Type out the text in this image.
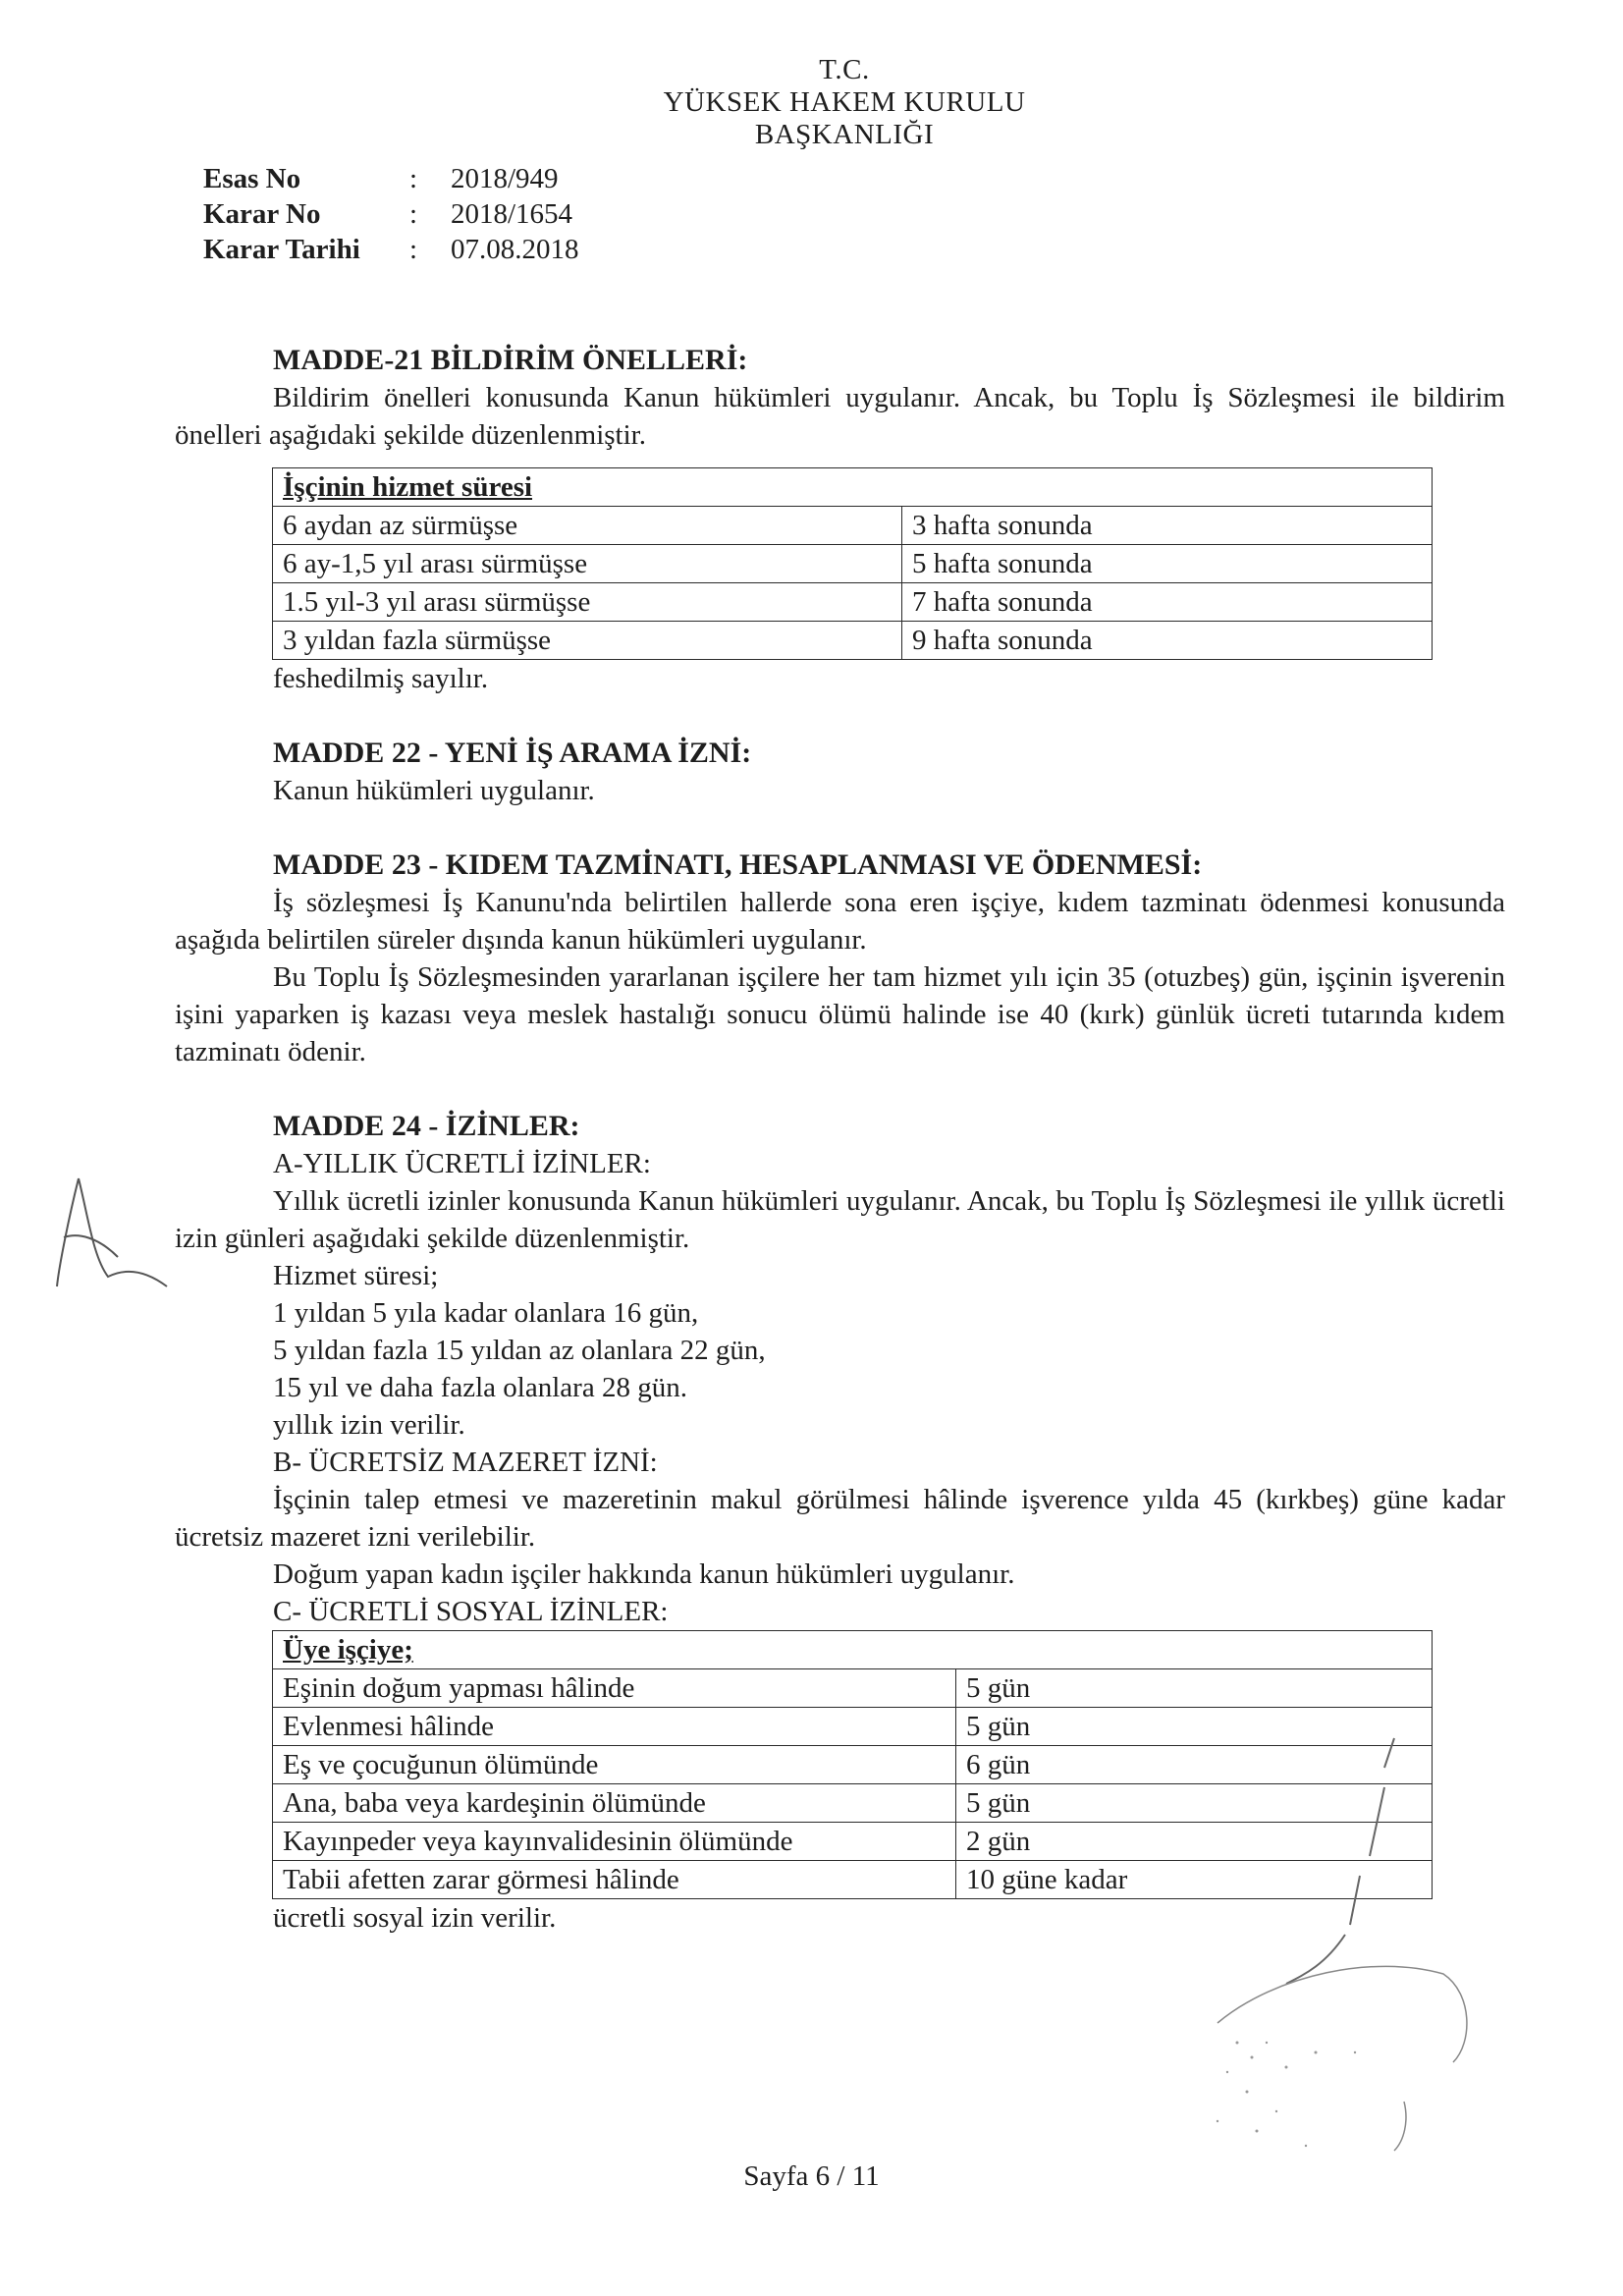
T.C.
YÜKSEK HAKEM KURULU
BAŞKANLIĞI
Esas No	:	2018/949
Karar No	:	2018/1654
Karar Tarihi	:	07.08.2018

MADDE-21 BİLDİRİM ÖNELLERİ:

Bildirim önelleri konusunda Kanun hükümleri uygulanır. Ancak, bu Toplu İş Sözleşmesi ile bildirim önelleri aşağıdaki şekilde düzenlenmiştir.

İşçinin hizmet süresi	
6 aydan az sürmüşse	3 hafta sonunda
6 ay-1,5 yıl arası sürmüşse	5 hafta sonunda
1.5 yıl-3 yıl arası sürmüşse	7 hafta sonunda
3 yıldan fazla sürmüşse	9 hafta sonunda

feshedilmiş sayılır.

MADDE 22 - YENİ İŞ ARAMA İZNİ:

Kanun hükümleri uygulanır.

MADDE 23 - KIDEM TAZMİNATI, HESAPLANMASI VE ÖDENMESİ:

İş sözleşmesi İş Kanunu'nda belirtilen hallerde sona eren işçiye, kıdem tazminatı ödenmesi konusunda aşağıda belirtilen süreler dışında kanun hükümleri uygulanır.

Bu Toplu İş Sözleşmesinden yararlanan işçilere her tam hizmet yılı için 35 (otuzbeş) gün, işçinin işverenin işini yaparken iş kazası veya meslek hastalığı sonucu ölümü halinde ise 40 (kırk) günlük ücreti tutarında kıdem tazminatı ödenir.

MADDE 24 - İZİNLER:

A-YILLIK ÜCRETLİ İZİNLER:

Yıllık ücretli izinler konusunda Kanun hükümleri uygulanır. Ancak, bu Toplu İş Sözleşmesi ile yıllık ücretli izin günleri aşağıdaki şekilde düzenlenmiştir.

Hizmet süresi;

1 yıldan 5 yıla kadar olanlara 16 gün,

5 yıldan fazla 15 yıldan az olanlara 22 gün,

15 yıl ve daha fazla olanlara 28 gün.

yıllık izin verilir.

B- ÜCRETSİZ MAZERET İZNİ:

İşçinin talep etmesi ve mazeretinin makul görülmesi hâlinde işverence yılda 45 (kırkbeş) güne kadar ücretsiz mazeret izni verilebilir.

Doğum yapan kadın işçiler hakkında kanun hükümleri uygulanır.

C- ÜCRETLİ SOSYAL İZİNLER:

Üye işçiye;	
Eşinin doğum yapması hâlinde	5 gün
Evlenmesi hâlinde	5 gün
Eş ve çocuğunun ölümünde	6 gün
Ana, baba veya kardeşinin ölümünde	5 gün
Kayınpeder veya kayınvalidesinin ölümünde	2 gün
Tabii afetten zarar görmesi hâlinde	10 güne kadar

ücretli sosyal izin verilir.

Sayfa 6 / 11
